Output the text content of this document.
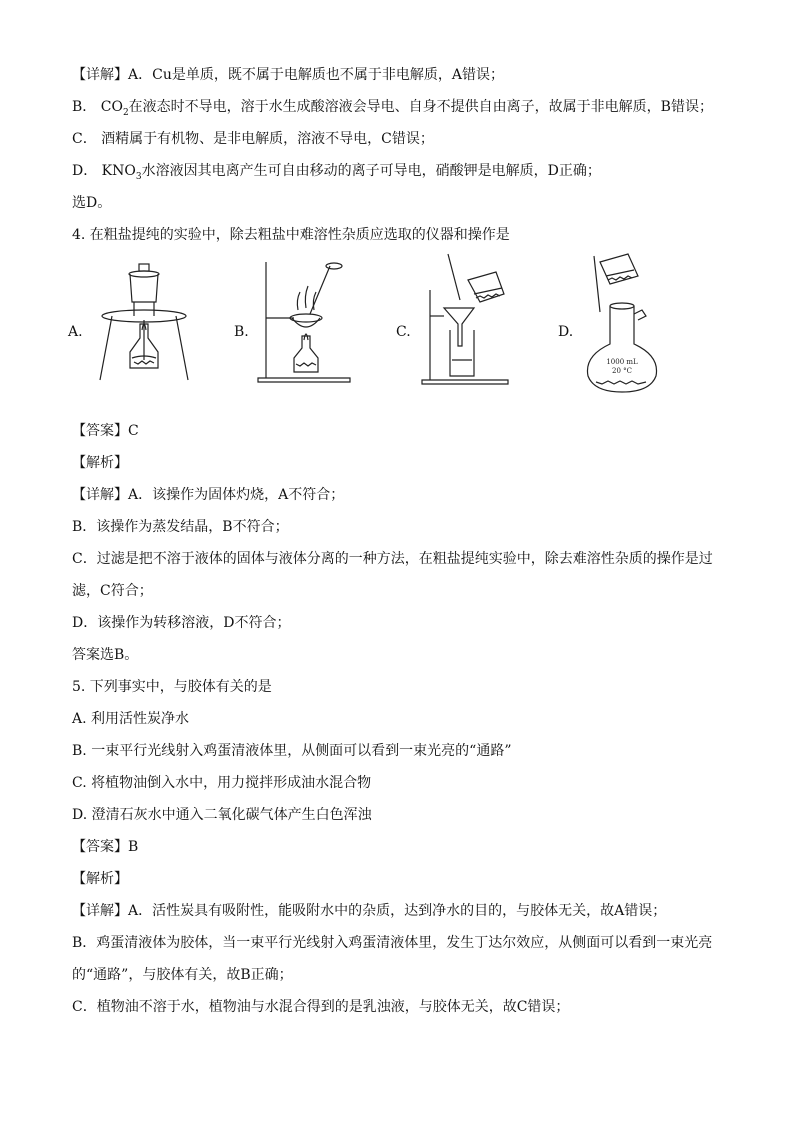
【详解】A．Cu是单质，既不属于电解质也不属于非电解质，A错误；
B． $CO_2$在液态时不导电，溶于水生成酸溶液会导电、自身不提供自由离子，故属于非电解质，B错误；
C． 酒精属于有机物、是非电解质，溶液不导电，C错误；
D． $KNO_3$水溶液因其电离产生可自由移动的离子可导电，硝酸钾是电解质，D正确；
选D。
4. 在粗盐提纯的实验中，除去粗盐中难溶性杂质应选取的仪器和操作是
A.	B.	C.	D.
1000 mL
20 °C
【答案】C
【解析】
【详解】A．该操作为固体灼烧，A不符合；
B．该操作为蒸发结晶，B不符合；
C．过滤是把不溶于液体的固体与液体分离的一种方法，在粗盐提纯实验中，除去难溶性杂质的操作是过
滤，C符合；
D．该操作为转移溶液，D不符合；
答案选B。
5. 下列事实中，与胶体有关的是
A. 利用活性炭净水
B. 一束平行光线射入鸡蛋清液体里，从侧面可以看到一束光亮的“通路”
C. 将植物油倒入水中，用力搅拌形成油水混合物
D. 澄清石灰水中通入二氧化碳气体产生白色浑浊
【答案】B
【解析】
【详解】A．活性炭具有吸附性，能吸附水中的杂质，达到净水的目的，与胶体无关，故A错误；
B．鸡蛋清液体为胶体，当一束平行光线射入鸡蛋清液体里，发生丁达尔效应，从侧面可以看到一束光亮
的“通路”，与胶体有关，故B正确；
C．植物油不溶于水，植物油与水混合得到的是乳浊液，与胶体无关，故C错误；
